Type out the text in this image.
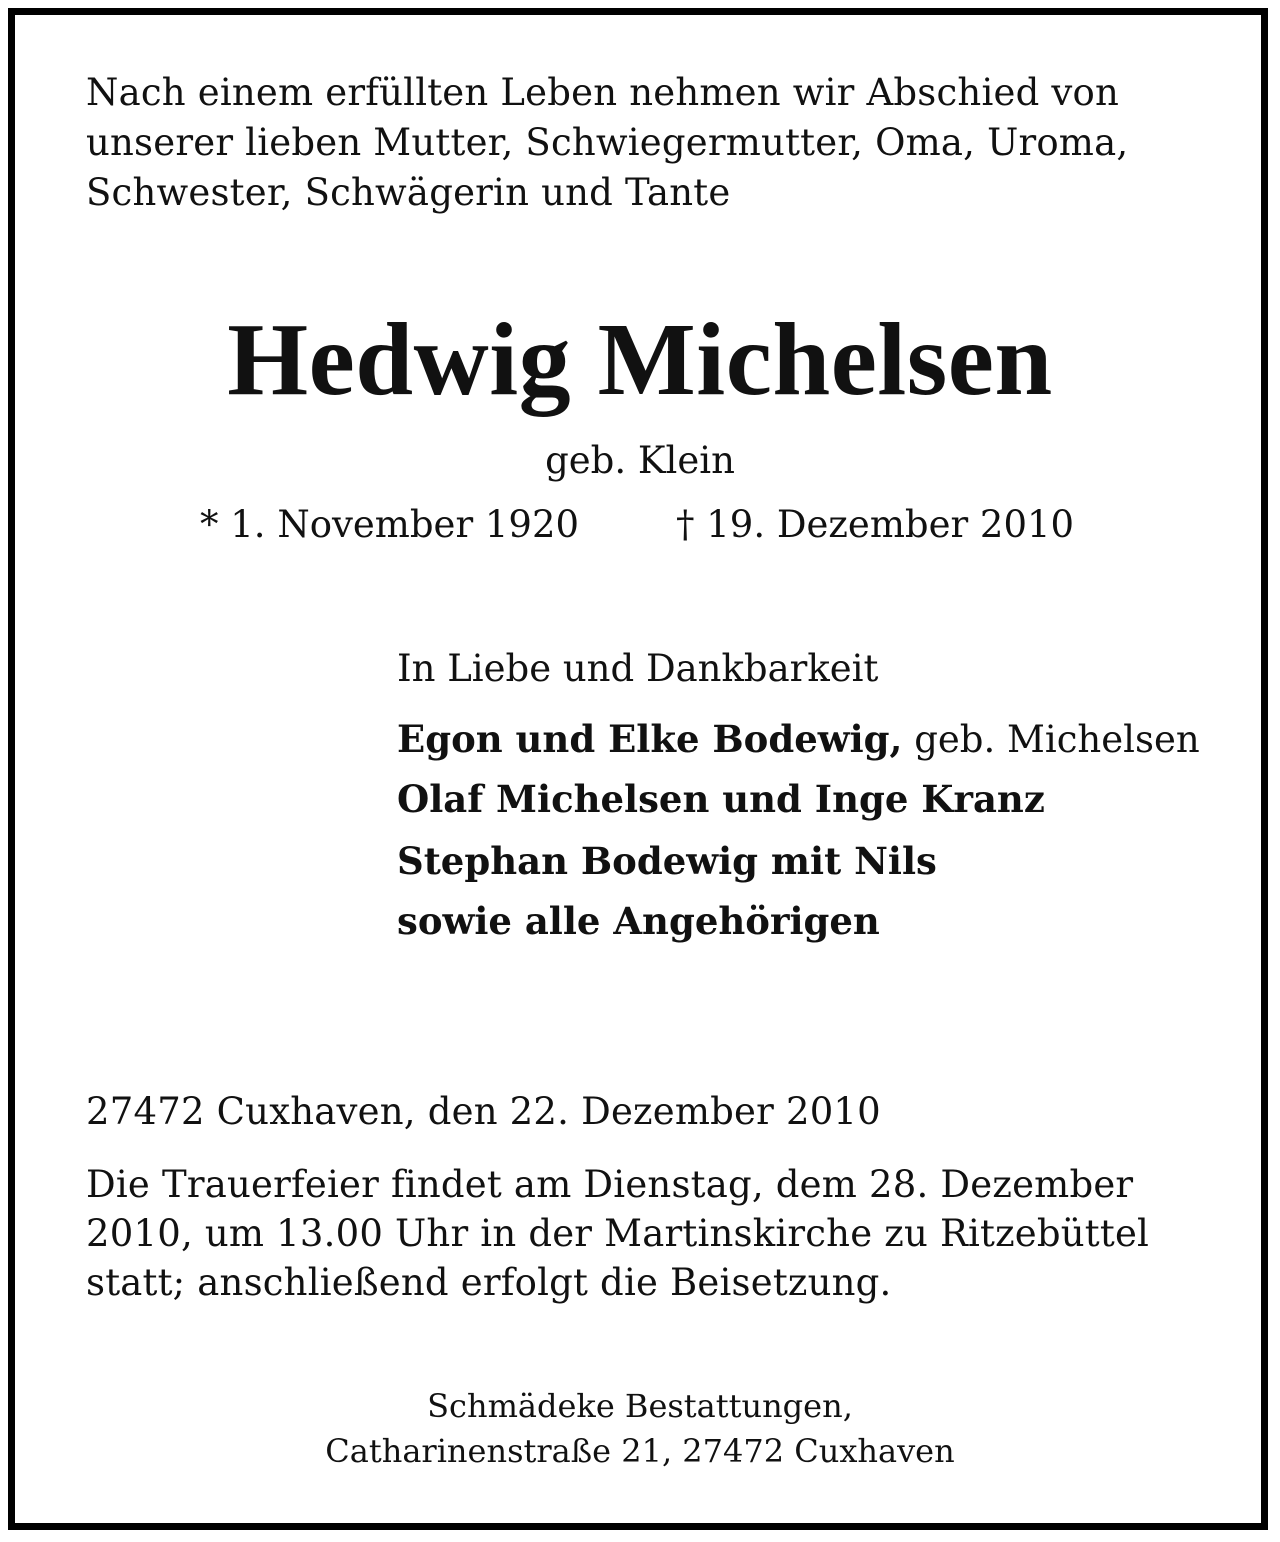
Nach einem erfüllten Leben nehmen wir Abschied von
unserer lieben Mutter, Schwiegermutter, Oma, Uroma,
Schwester, Schwägerin und Tante
Hedwig Michelsen
geb. Klein
* 1. November 1920	† 19. Dezember 2010
In Liebe und Dankbarkeit
Egon und Elke Bodewig, geb. Michelsen
Olaf Michelsen und Inge Kranz
Stephan Bodewig mit Nils
sowie alle Angehörigen
27472 Cuxhaven, den 22. Dezember 2010
Die Trauerfeier findet am Dienstag, dem 28. Dezember
2010, um 13.00 Uhr in der Martinskirche zu Ritzebüttel
statt; anschließend erfolgt die Beisetzung.
Schmädeke Bestattungen,
Catharinenstraße 21, 27472 Cuxhaven
